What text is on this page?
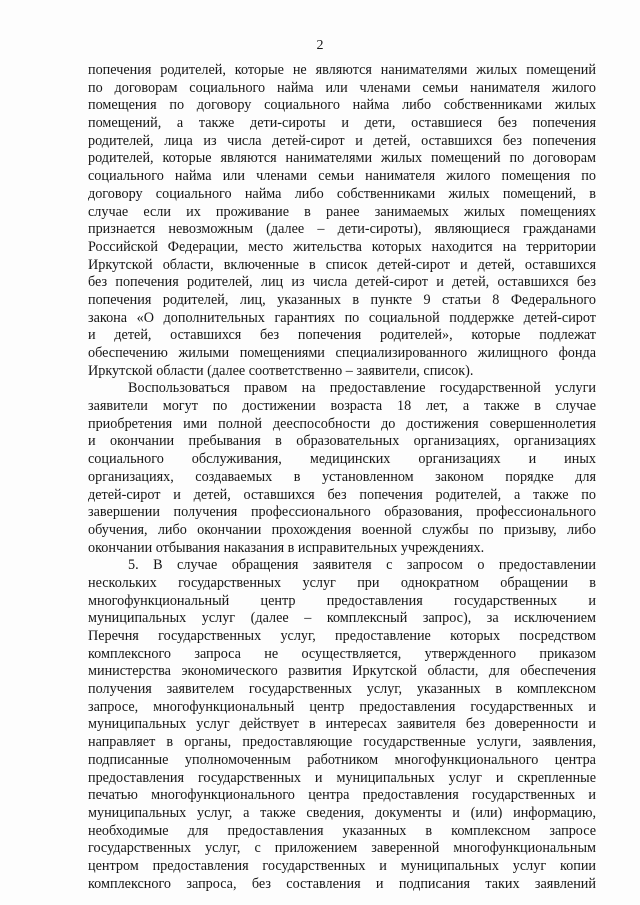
2
попечения родителей, которые не являются нанимателями жилых помещений
по договорам социального найма или членами семьи нанимателя жилого
помещения по договору социального найма либо собственниками жилых
помещений, а также дети-сироты и дети, оставшиеся без попечения
родителей, лица из числа детей-сирот и детей, оставшихся без попечения
родителей, которые являются нанимателями жилых помещений по договорам
социального найма или членами семьи нанимателя жилого помещения по
договору социального найма либо собственниками жилых помещений, в
случае если их проживание в ранее занимаемых жилых помещениях
признается невозможным (далее – дети-сироты), являющиеся гражданами
Российской Федерации, место жительства которых находится на территории
Иркутской области, включенные в список детей-сирот и детей, оставшихся
без попечения родителей, лиц из числа детей-сирот и детей, оставшихся без
попечения родителей, лиц, указанных в пункте 9 статьи 8 Федерального
закона «О дополнительных гарантиях по социальной поддержке детей-сирот
и детей, оставшихся без попечения родителей», которые подлежат
обеспечению жилыми помещениями специализированного жилищного фонда
Иркутской области (далее соответственно – заявители, список).
Воспользоваться правом на предоставление государственной услуги
заявители могут по достижении возраста 18 лет, а также в случае
приобретения ими полной дееспособности до достижения совершеннолетия
и окончании пребывания в образовательных организациях, организациях
социального обслуживания, медицинских организациях и иных
организациях, создаваемых в установленном законом порядке для
детей-сирот и детей, оставшихся без попечения родителей, а также по
завершении получения профессионального образования, профессионального
обучения, либо окончании прохождения военной службы по призыву, либо
окончании отбывания наказания в исправительных учреждениях.
5. В случае обращения заявителя с запросом о предоставлении
нескольких государственных услуг при однократном обращении в
многофункциональный центр предоставления государственных и
муниципальных услуг (далее – комплексный запрос), за исключением
Перечня государственных услуг, предоставление которых посредством
комплексного запроса не осуществляется, утвержденного приказом
министерства экономического развития Иркутской области, для обеспечения
получения заявителем государственных услуг, указанных в комплексном
запросе, многофункциональный центр предоставления государственных и
муниципальных услуг действует в интересах заявителя без доверенности и
направляет в органы, предоставляющие государственные услуги, заявления,
подписанные уполномоченным работником многофункционального центра
предоставления государственных и муниципальных услуг и скрепленные
печатью многофункционального центра предоставления государственных и
муниципальных услуг, а также сведения, документы и (или) информацию,
необходимые для предоставления указанных в комплексном запросе
государственных услуг, с приложением заверенной многофункциональным
центром предоставления государственных и муниципальных услуг копии
комплексного запроса, без составления и подписания таких заявлений
